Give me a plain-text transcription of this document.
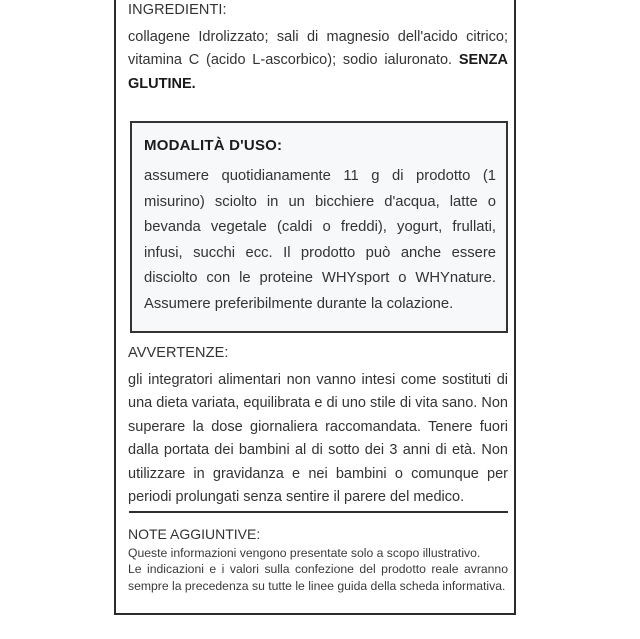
INGREDIENTI:
collagene Idrolizzato; sali di magnesio dell'acido citrico; vitamina C (acido L-ascorbico); sodio ialuronato. SENZA GLUTINE.
MODALITÀ D'USO:
assumere quotidianamente 11 g di prodotto (1 misurino) sciolto in un bicchiere d'acqua, latte o bevanda vegetale (caldi o freddi), yogurt, frullati, infusi, succhi ecc. Il prodotto può anche essere disciolto con le proteine WHYsport o WHYnature. Assumere preferibilmente durante la colazione.
AVVERTENZE:
gli integratori alimentari non vanno intesi come sostituti di una dieta variata, equilibrata e di uno stile di vita sano. Non superare la dose giornaliera raccomandata. Tenere fuori dalla portata dei bambini al di sotto dei 3 anni di età. Non utilizzare in gravidanza e nei bambini o comunque per periodi prolungati senza sentire il parere del medico.
NOTE AGGIUNTIVE:
Queste informazioni vengono presentate solo a scopo illustrativo.
Le indicazioni e i valori sulla confezione del prodotto reale avranno sempre la precedenza su tutte le linee guida della scheda informativa.
